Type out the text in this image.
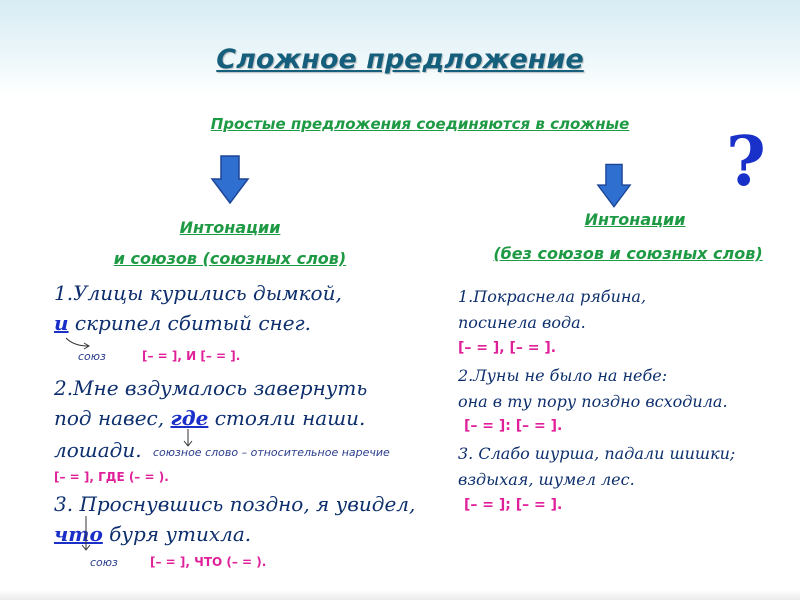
Сложное предложение
Простые предложения соединяются в сложные	?
Интонации
и союзов (союзных слов)
1.Улицы курились дымкой,
и скрипел сбитый снег.
союз	[– = ], И [– = ].
2.Мне вздумалось завернуть
под навес, где стояли наши.
лошади. союзное слово – относительное наречие
[– = ], ГДЕ (– = ).
3. Проснувшись поздно, я увидел,
что буря утихла.
союз	[– = ], ЧТО (– = ).
Интонации
(без союзов и союзных слов)
1.Покраснела рябина,
посинела вода.
[– = ], [– = ].
2.Луны не было на небе:
она в ту пору поздно всходила.
[– = ]: [– = ].
3. Слабо шурша, падали шишки;
вздыхая, шумел лес.
[– = ]; [– = ].
